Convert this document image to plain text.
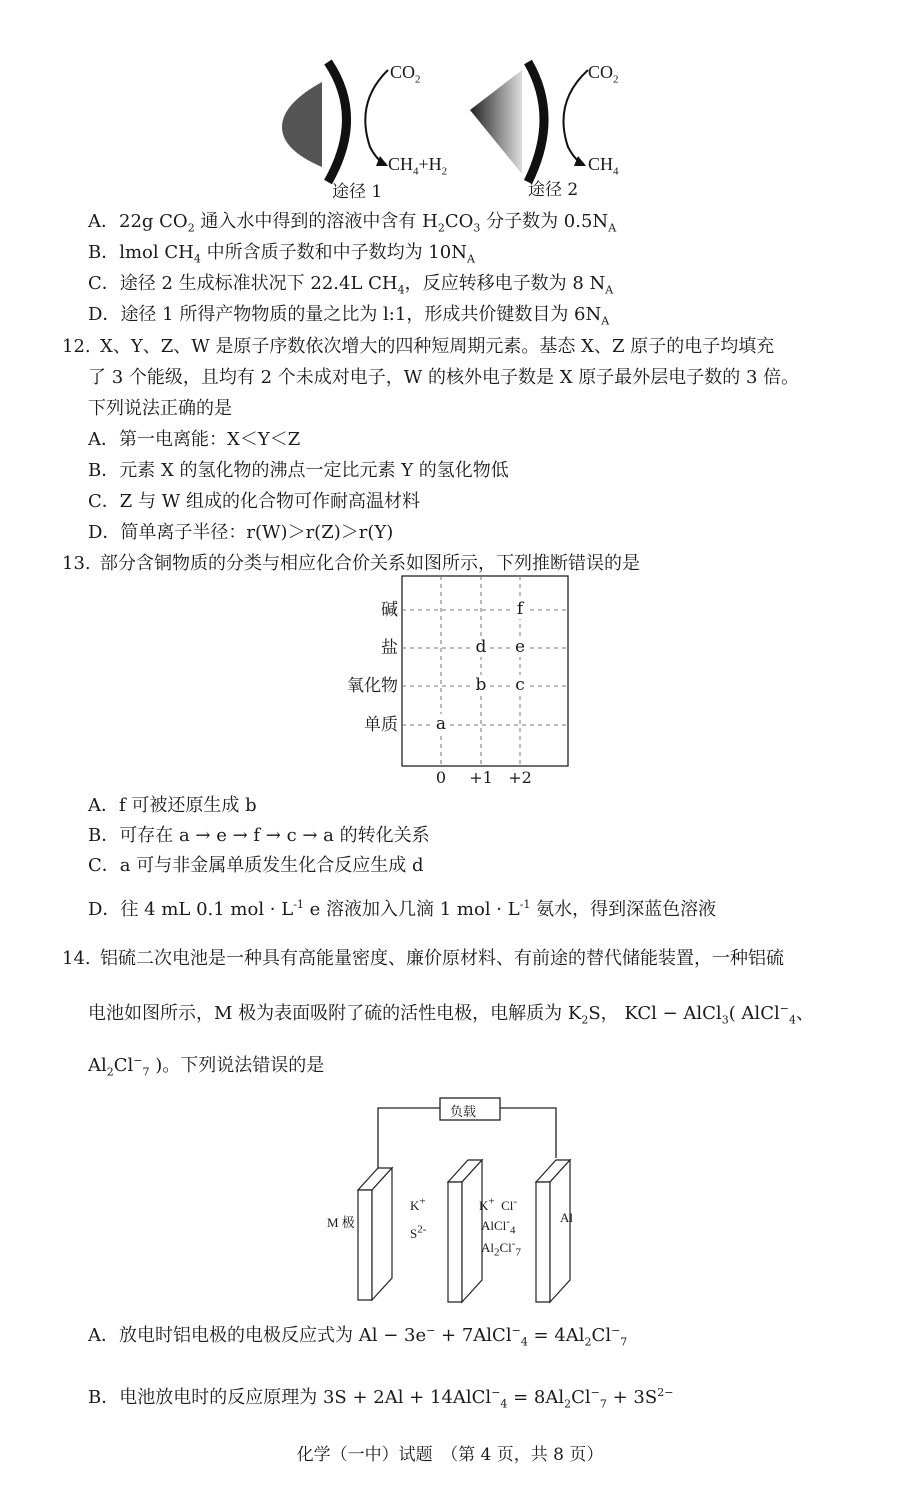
$CO_2$
$CH_4+H_2$
$CO_2$
$CH_4$
途径 1	途径 2
A．22g $CO_2$ 通入水中得到的溶液中含有 $H_2CO_3$ 分子数为 $0.5N_A$
B．lmol $CH_4$ 中所含质子数和中子数均为 $10N_A$
C．途径 2 生成标准状况下 22.4L $CH_4$，反应转移电子数为 8 $N_A$
D．途径 1 所得产物物质的量之比为 l:1，形成共价键数目为 $6N_A$
12. X、Y、Z、W 是原子序数依次增大的四种短周期元素。基态 X、Z 原子的电子均填充
了 3 个能级，且均有 2 个未成对电子，W 的核外电子数是 X 原子最外层电子数的 3 倍。
下列说法正确的是
A．第一电离能：X＜Y＜Z
B．元素 X 的氢化物的沸点一定比元素 Y 的氢化物低
C．Z 与 W 组成的化合物可作耐高温材料
D．简单离子半径：r(W)＞r(Z)＞r(Y)
13. 部分含铜物质的分类与相应化合价关系如图所示，下列推断错误的是
碱
盐
氧化物
单质
0	+1 +2
f
d e
b c
a
A．f 可被还原生成 b
B．可存在 a → e → f → c → a 的转化关系
C．a 可与非金属单质发生化合反应生成 d
D．往 4 mL 0.1 mol · $L^{-1}$ e 溶液加入几滴 1 mol · $L^{-1}$ 氨水，得到深蓝色溶液
14. 铝硫二次电池是一种具有高能量密度、廉价原材料、有前途的替代储能装置，一种铝硫
电池如图所示，M 极为表面吸附了硫的活性电极，电解质为 $K_2S$， KCl − AlCl$_3$( AlCl−$_4$、
$Al_2Cl^-_7$ )。下列说法错误的是
负载
M 极	Al
K+
$S^{2-}$
K+ Cl-
AlCl-$_4$
$Al_2Cl^-_7$
A．放电时铝电极的电极反应式为 Al − 3e− + 7AlCl−$_4$ = $4Al_2Cl^-_7$
B．电池放电时的反应原理为 3S + 2Al + 14AlCl−$_4$ = $8Al_2Cl^-_7 + 3S^{2-}$
化学（一中）试题　（第 4 页，共 8 页）
